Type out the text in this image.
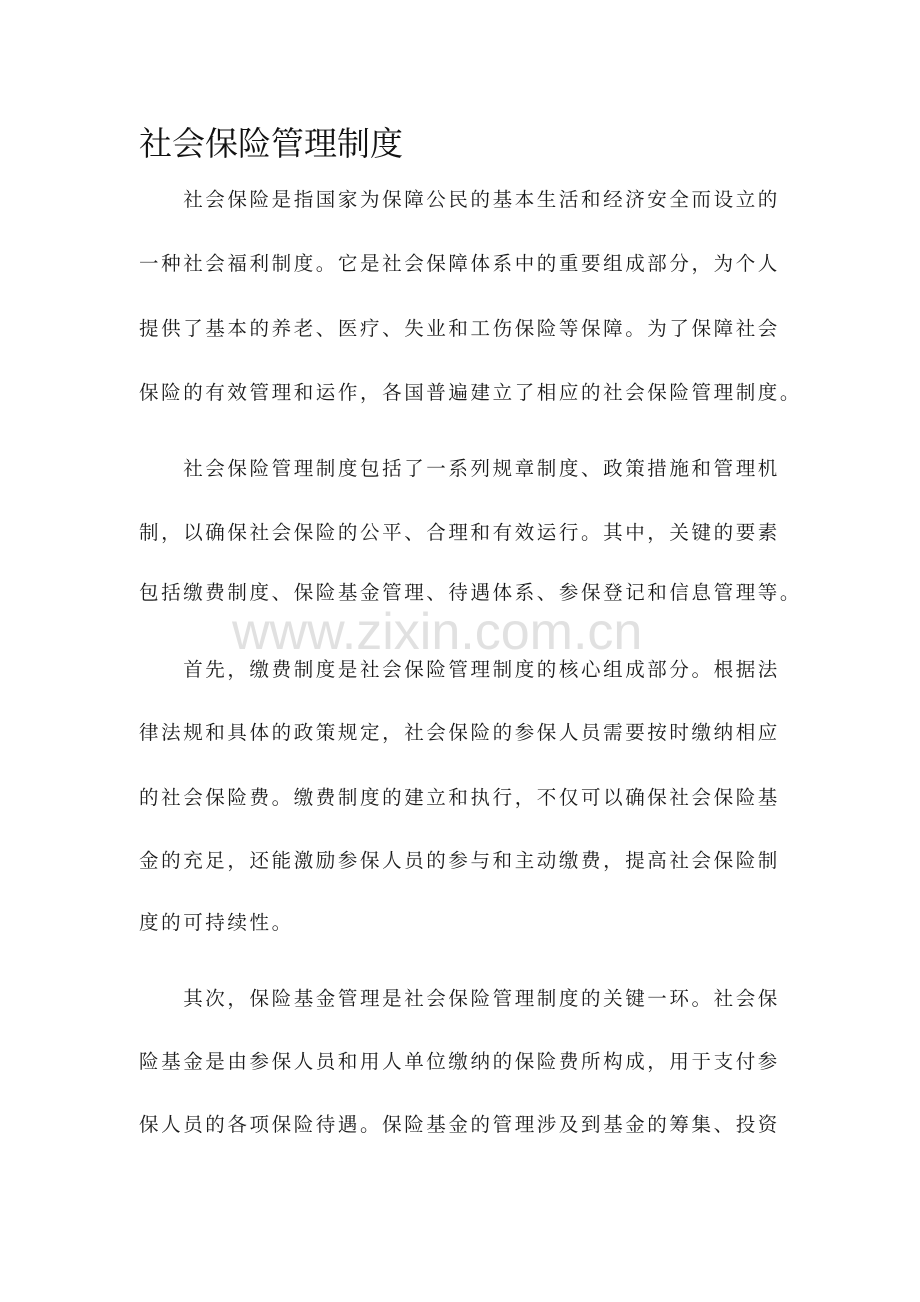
社会保险管理制度
www.zixin.com.cn

　　社会保险是指国家为保障公民的基本生活和经济安全而设立的

一种社会福利制度。它是社会保障体系中的重要组成部分，为个人

提供了基本的养老、医疗、失业和工伤保险等保障。为了保障社会

保险的有效管理和运作，各国普遍建立了相应的社会保险管理制度。

　　社会保险管理制度包括了一系列规章制度、政策措施和管理机

制，以确保社会保险的公平、合理和有效运行。其中，关键的要素

包括缴费制度、保险基金管理、待遇体系、参保登记和信息管理等。

　　首先，缴费制度是社会保险管理制度的核心组成部分。根据法

律法规和具体的政策规定，社会保险的参保人员需要按时缴纳相应

的社会保险费。缴费制度的建立和执行，不仅可以确保社会保险基

金的充足，还能激励参保人员的参与和主动缴费，提高社会保险制

度的可持续性。

　　其次，保险基金管理是社会保险管理制度的关键一环。社会保

险基金是由参保人员和用人单位缴纳的保险费所构成，用于支付参

保人员的各项保险待遇。保险基金的管理涉及到基金的筹集、投资
